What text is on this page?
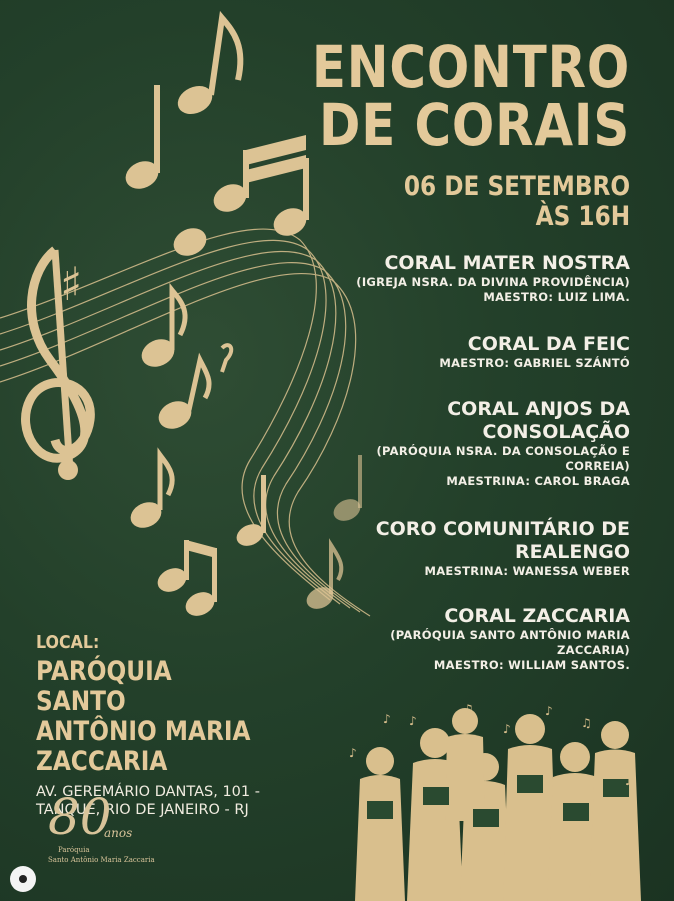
♯
ENCONTRO
DE CORAIS
06 DE SETEMBRO
ÀS 16H
CORAL MATER NOSTRA
(IGREJA NSRA. DA DIVINA PROVIDÊNCIA)
MAESTRO: LUIZ LIMA.
CORAL DA FEIC
MAESTRO: GABRIEL SZÁNTÓ
CORAL ANJOS DA
CONSOLAÇÃO
(PARÓQUIA NSRA. DA CONSOLAÇÃO E
CORREIA)
MAESTRINA: CAROL BRAGA
CORO COMUNITÁRIO DE
REALENGO
MAESTRINA: WANESSA WEBER
CORAL ZACCARIA
(PARÓQUIA SANTO ANTÔNIO MARIA
ZACCARIA)
MAESTRO: WILLIAM SANTOS.
LOCAL:
PARÓQUIA SANTO
ANTÔNIO MARIA
ZACCARIA
AV. GEREMÁRIO DANTAS, 101 -
TANQUE, RIO DE JANEIRO - RJ
80
anos
Paróquia
Santo Antônio Maria Zaccaria
♪
♫
♪
♪
♫
♪
♪
♪
